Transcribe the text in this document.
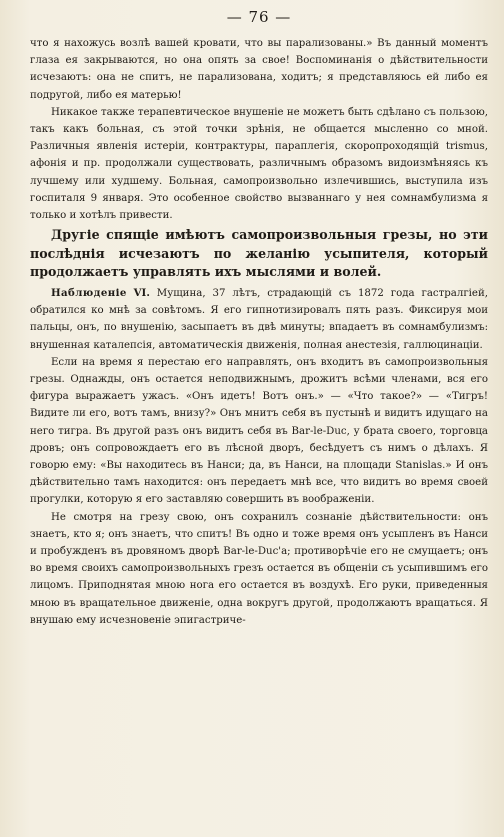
— 76 —

что я нахожусь возлѣ вашей кровати, что вы парализованы.» Въ данный моментъ глаза ея закрываются, но она опять за свое! Воспоминанія о дѣйствительности исчезаютъ: она не спитъ, не парализована, ходитъ; я представляюсь ей либо ея подругой, либо ея матерью!

Никакое также терапевтическое внушеніе не можетъ быть сдѣлано съ пользою, такъ какъ больная, съ этой точки зрѣнія, не общается мысленно со мной. Различныя явленія истеріи, контрактуры, параплегія, скоропроходящій trismus, афонія и пр. продолжали существовать, различнымъ образомъ видоизмѣняясь къ лучшему или худшему. Больная, самопроизвольно излечившись, выступила изъ госпиталя 9 января. Это особенное свойство вызваннаго у нея сомнамбулизма я только и хотѣлъ привести.

Другіе спящіе имѣютъ самопроизвольныя грезы, но эти послѣднія исчезаютъ по желанію усыпителя, который продолжаетъ управлять ихъ мыслями и волей.

Наблюденіе VI. Мущина, 37 лѣтъ, страдающій съ 1872 года гастралгіей, обратился ко мнѣ за совѣтомъ. Я его гипнотизировалъ пять разъ. Фиксируя мои пальцы, онъ, по внушенію, засыпаетъ въ двѣ минуты; впадаетъ въ сомнамбулизмъ: внушенная каталепсія, автоматическія движенія, полная анестезія, галлюцинаціи.

Если на время я перестаю его направлять, онъ входитъ въ самопроизвольныя грезы. Однажды, онъ остается неподвижнымъ, дрожитъ всѣми членами, вся его фигура выражаетъ ужасъ. «Онъ идетъ! Вотъ онъ.» — «Что такое?» — «Тигръ! Видите ли его, вотъ тамъ, внизу?» Онъ мнитъ себя въ пустынѣ и видитъ идущаго на него тигра. Въ другой разъ онъ видитъ себя въ Bar-le-Duc, у брата своего, торговца дровъ; онъ сопровождаетъ его въ лѣсной дворъ, бесѣдуетъ съ нимъ о дѣлахъ. Я говорю ему: «Вы находитесь въ Нанси; да, въ Нанси, на площади Stanislas.» И онъ дѣйствительно тамъ находится: онъ передаетъ мнѣ все, что видитъ во время своей прогулки, которую я его заставляю совершить въ воображеніи.

Не смотря на грезу свою, онъ сохранилъ сознаніе дѣйствительности: онъ знаетъ, кто я; онъ знаетъ, что спитъ! Въ одно и тоже время онъ усыпленъ въ Нанси и пробужденъ въ дровяномъ дворѣ Bar-le-Duc'a; противорѣчіе его не смущаетъ; онъ во время своихъ самопроизвольныхъ грезъ остается въ общеніи съ усыпившимъ его лицомъ. Приподнятая мною нога его остается въ воздухѣ. Его руки, приведенныя мною въ вращательное движеніе, одна вокругъ другой, продолжаютъ вращаться. Я внушаю ему исчезновеніе эпигастриче-
